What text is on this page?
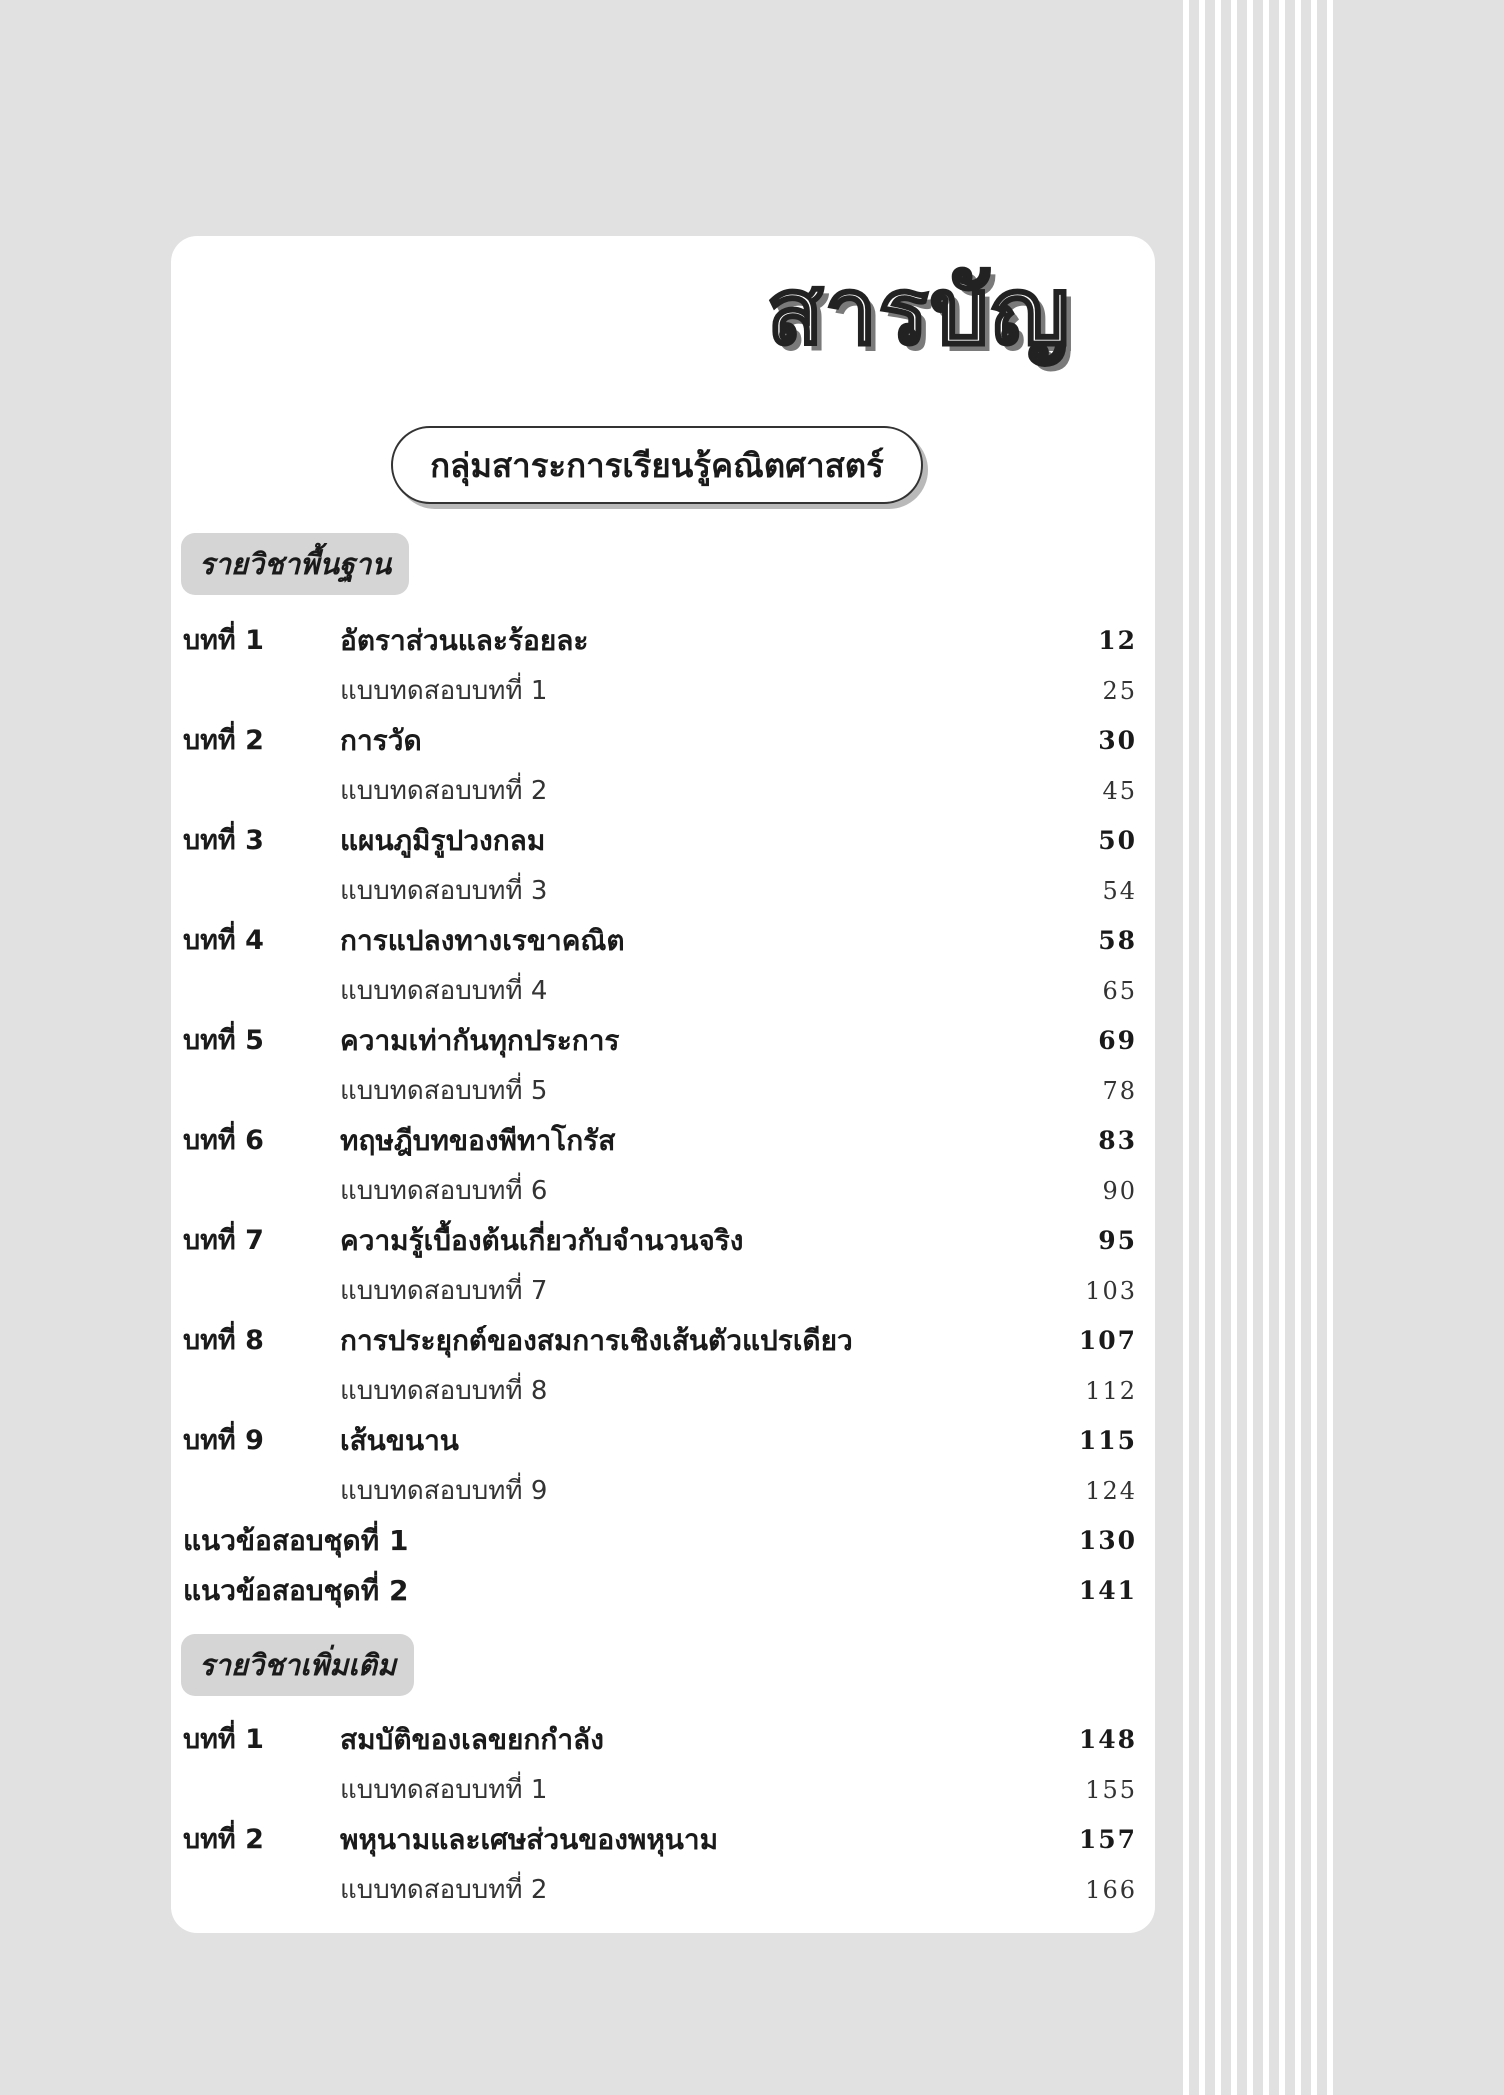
สารบัญ
กลุ่มสาระการเรียนรู้คณิตศาสตร์
รายวิชาพื้นฐาน
บทที่ 1	อัตราส่วนและร้อยละ	12
แบบทดสอบบทที่ 1	25
บทที่ 2	การวัด	30
แบบทดสอบบทที่ 2	45
บทที่ 3	แผนภูมิรูปวงกลม	50
แบบทดสอบบทที่ 3	54
บทที่ 4	การแปลงทางเรขาคณิต	58
แบบทดสอบบทที่ 4	65
บทที่ 5	ความเท่ากันทุกประการ	69
แบบทดสอบบทที่ 5	78
บทที่ 6	ทฤษฎีบทของพีทาโกรัส	83
แบบทดสอบบทที่ 6	90
บทที่ 7	ความรู้เบื้องต้นเกี่ยวกับจำนวนจริง	95
แบบทดสอบบทที่ 7	103
บทที่ 8	การประยุกต์ของสมการเชิงเส้นตัวแปรเดียว	107
แบบทดสอบบทที่ 8	112
บทที่ 9	เส้นขนาน	115
แบบทดสอบบทที่ 9	124
แนวข้อสอบชุดที่ 1	130
แนวข้อสอบชุดที่ 2	141
รายวิชาเพิ่มเติม
บทที่ 1	สมบัติของเลขยกกำลัง	148
แบบทดสอบบทที่ 1	155
บทที่ 2	พหุนามและเศษส่วนของพหุนาม	157
แบบทดสอบบทที่ 2	166
